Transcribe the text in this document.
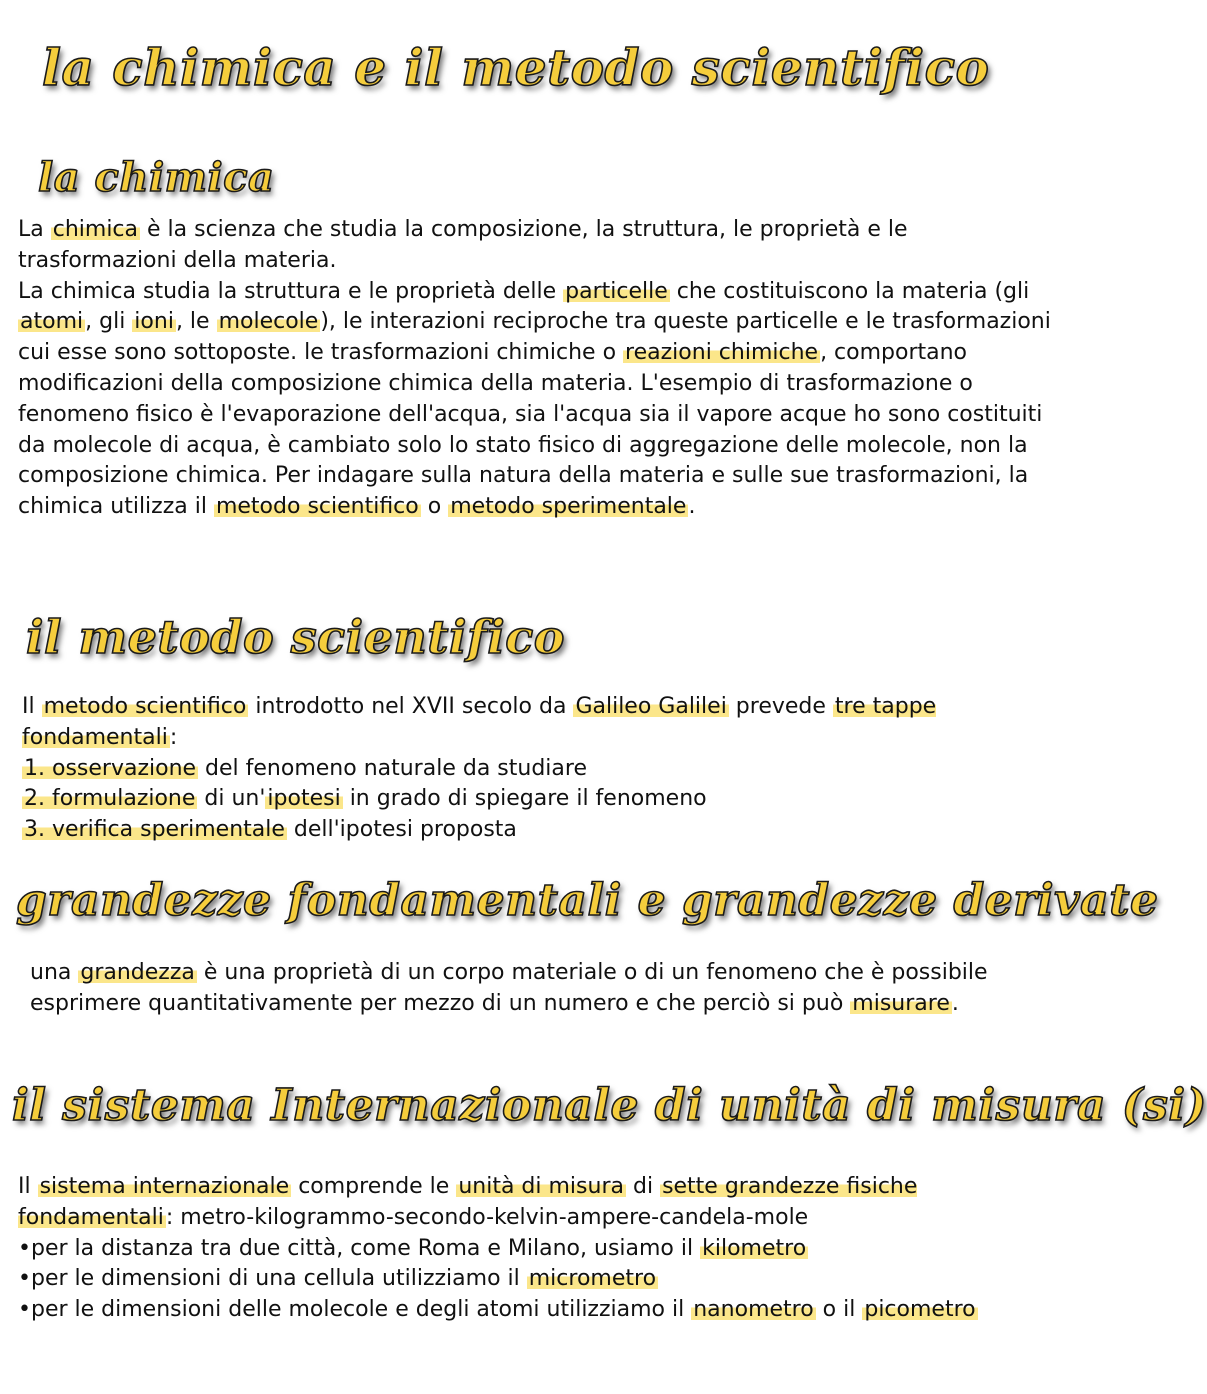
la chimica e il metodo scientifico
la chimica

La chimica è la scienza che studia la composizione, la struttura, le proprietà e le trasformazioni della materia.

La chimica studia la struttura e le proprietà delle particelle che costituiscono la materia (gli atomi, gli ioni, le molecole), le interazioni reciproche tra queste particelle e le trasformazioni cui esse sono sottoposte. le trasformazioni chimiche o reazioni chimiche, comportano modificazioni della composizione chimica della materia. L'esempio di trasformazione o fenomeno fisico è l'evaporazione dell'acqua, sia l'acqua sia il vapore acque ho sono costituiti da molecole di acqua, è cambiato solo lo stato fisico di aggregazione delle molecole, non la composizione chimica. Per indagare sulla natura della materia e sulle sue trasformazioni, la chimica utilizza il metodo scientifico o metodo sperimentale.

il metodo scientifico

Il metodo scientifico introdotto nel XVII secolo da Galileo Galilei prevede tre tappe fondamentali:

1. osservazione del fenomeno naturale da studiare

2. formulazione di un'ipotesi in grado di spiegare il fenomeno

3. verifica sperimentale dell'ipotesi proposta

grandezze fondamentali e grandezze derivate

una grandezza è una proprietà di un corpo materiale o di un fenomeno che è possibile esprimere quantitativamente per mezzo di un numero e che perciò si può misurare.

il sistema Internazionale di unità di misura (si)

Il sistema internazionale comprende le unità di misura di sette grandezze fisiche fondamentali: metro-kilogrammo-secondo-kelvin-ampere-candela-mole

•per la distanza tra due città, come Roma e Milano, usiamo il kilometro

•per le dimensioni di una cellula utilizziamo il micrometro

•per le dimensioni delle molecole e degli atomi utilizziamo il nanometro o il picometro
